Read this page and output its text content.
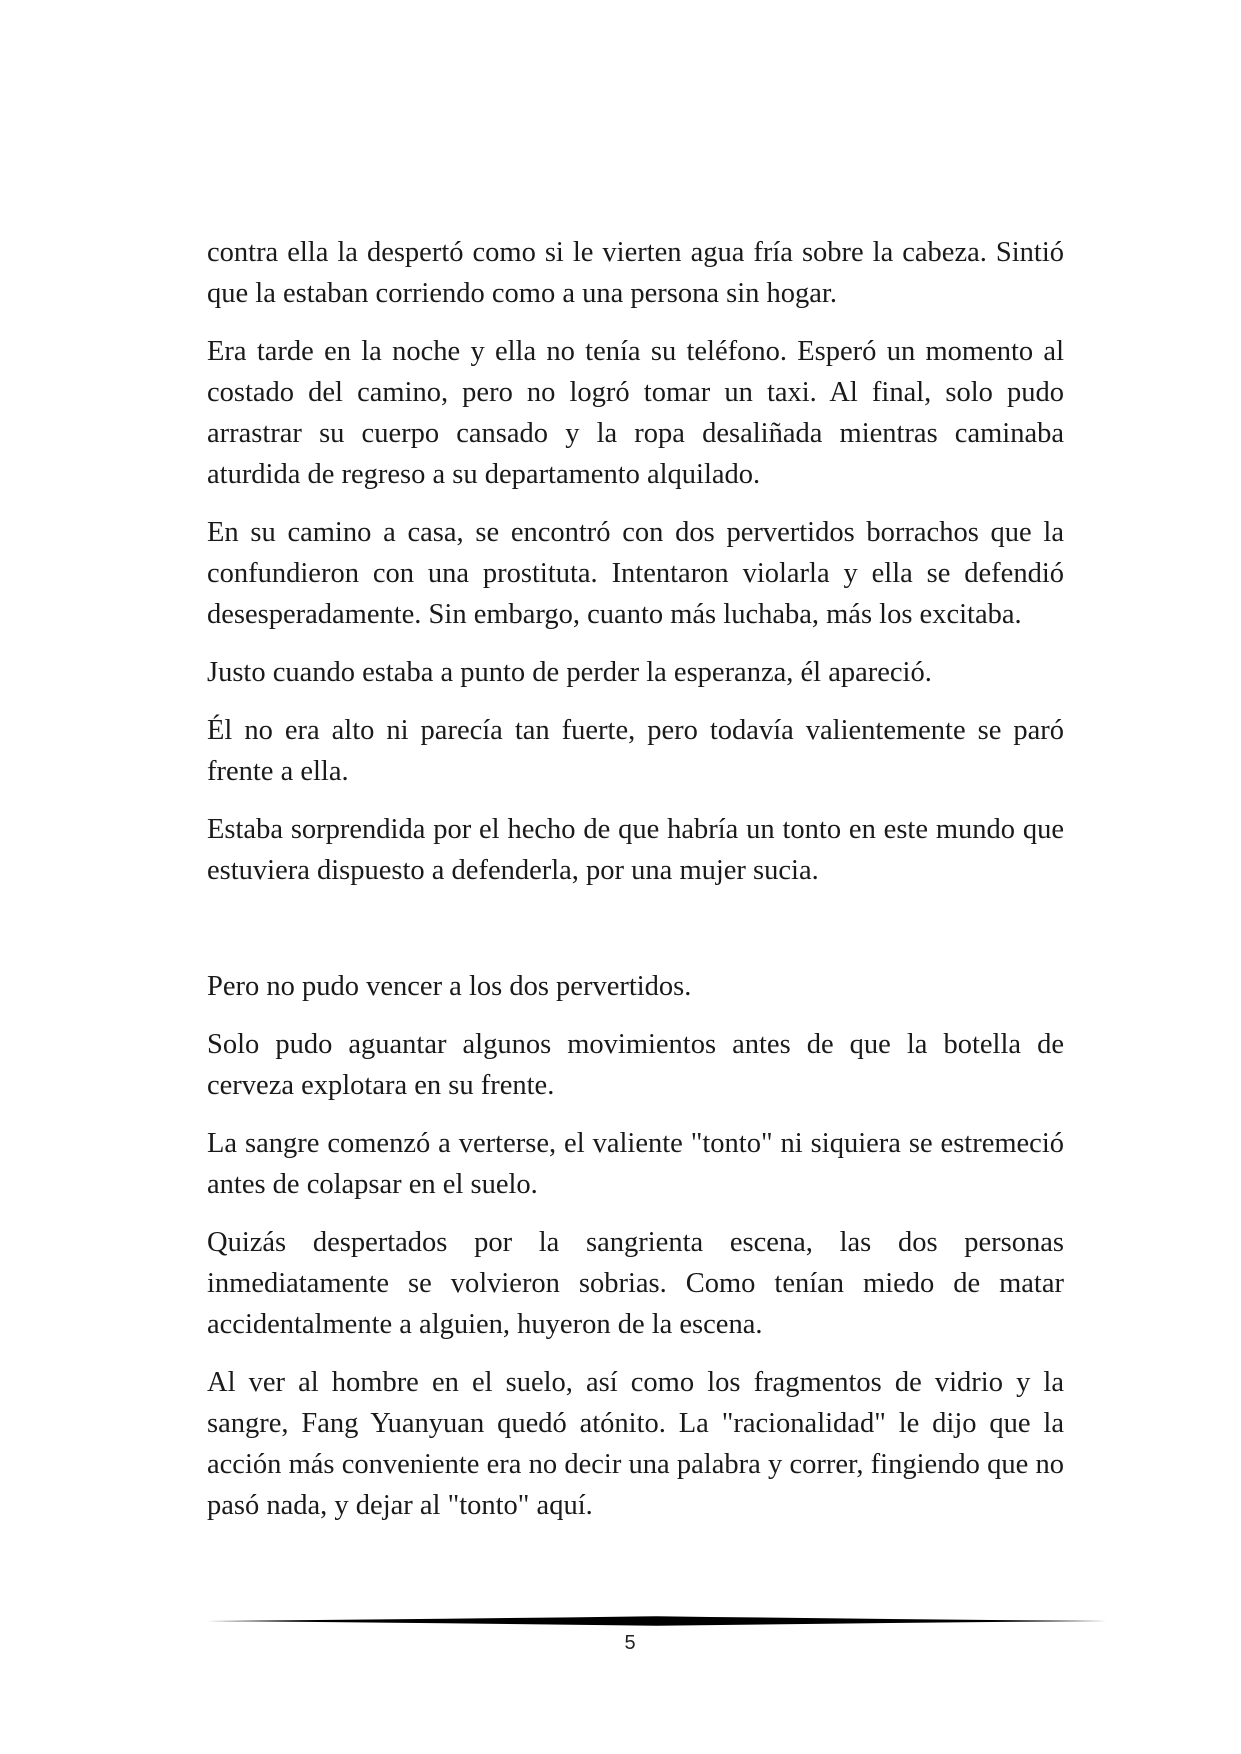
contra ella la despertó como si le vierten agua fría sobre la cabeza. Sintió que la estaban corriendo como a una persona sin hogar.

Era tarde en la noche y ella no tenía su teléfono. Esperó un momento al costado del camino, pero no logró tomar un taxi. Al final, solo pudo arrastrar su cuerpo cansado y la ropa desaliñada mientras caminaba aturdida de regreso a su departamento alquilado.

En su camino a casa, se encontró con dos pervertidos borrachos que la confundieron con una prostituta. Intentaron violarla y ella se defendió desesperadamente. Sin embargo, cuanto más luchaba, más los excitaba.

Justo cuando estaba a punto de perder la esperanza, él apareció.

Él no era alto ni parecía tan fuerte, pero todavía valientemente se paró frente a ella.

Estaba sorprendida por el hecho de que habría un tonto en este mundo que estuviera dispuesto a defenderla, por una mujer sucia.

Pero no pudo vencer a los dos pervertidos.

Solo pudo aguantar algunos movimientos antes de que la botella de cerveza explotara en su frente.

La sangre comenzó a verterse, el valiente "tonto" ni siquiera se estremeció antes de colapsar en el suelo.

Quizás despertados por la sangrienta escena, las dos personas inmediatamente se volvieron sobrias. Como tenían miedo de matar accidentalmente a alguien, huyeron de la escena.

Al ver al hombre en el suelo, así como los fragmentos de vidrio y la sangre, Fang Yuanyuan quedó atónito. La "racionalidad" le dijo que la acción más conveniente era no decir una palabra y correr, fingiendo que no pasó nada, y dejar al "tonto" aquí.

5
